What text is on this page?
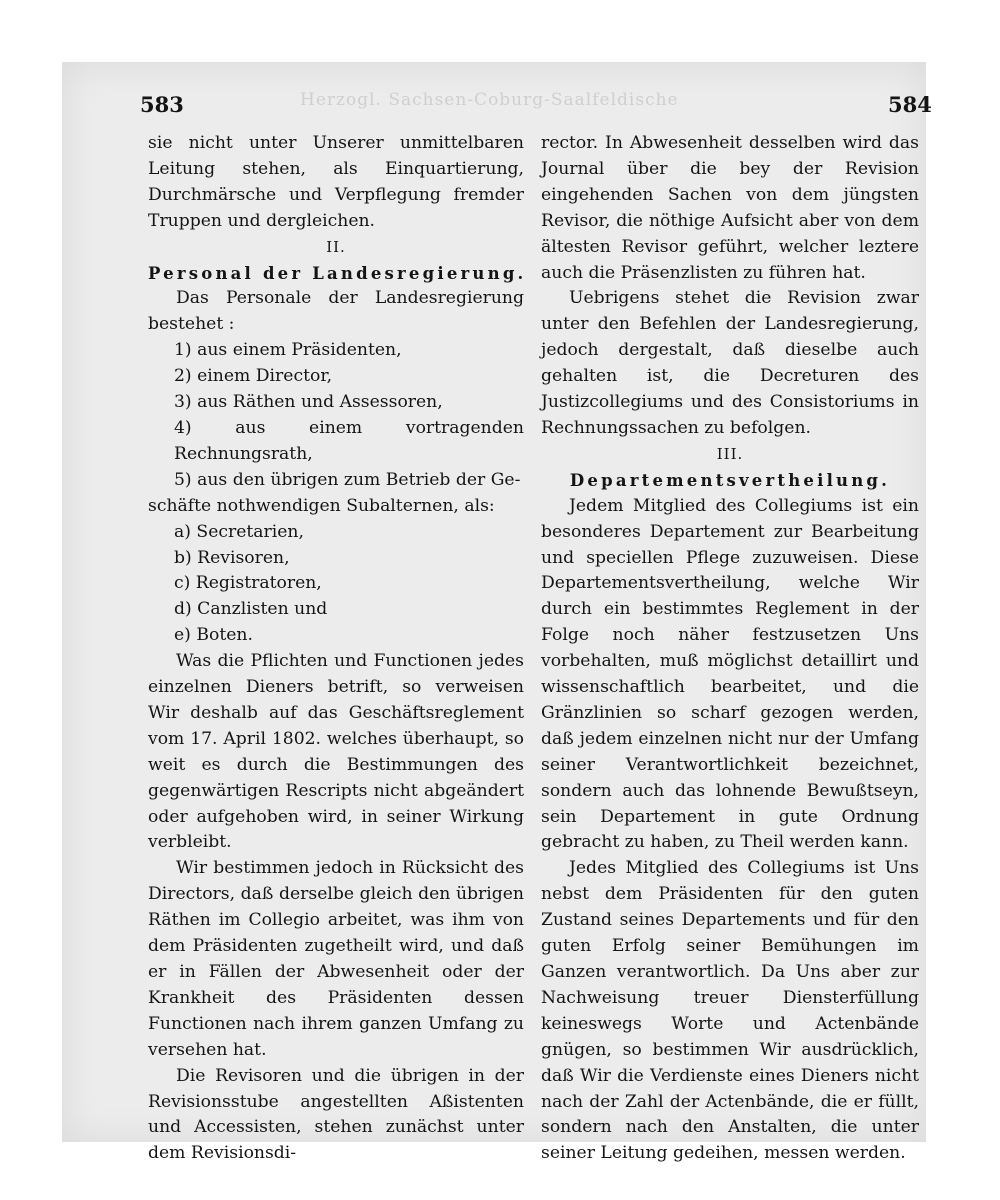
583	Herzogl. Sachsen-Coburg-Saalfeldische	584

sie nicht unter Unserer unmittelbaren Leitung stehen, als Einquartierung, Durchmärsche und Verpflegung fremder Truppen und dergleichen.

II.

Personal der Landesregierung.

Das Personale der Landesregierung bestehet :

1) aus einem Präsidenten,

2) einem Director,

3) aus Räthen und Assessoren,

4) aus einem vortragenden Rechnungsrath,

5) aus den übrigen zum Betrieb der Ge-

schäfte nothwendigen Subalternen, als:

a) Secretarien,

b) Revisoren,

c) Registratoren,

d) Canzlisten und

e) Boten.

Was die Pflichten und Functionen jedes einzelnen Dieners betrift, so verweisen Wir deshalb auf das Geschäftsreglement vom 17. April 1802. welches überhaupt, so weit es durch die Bestimmungen des gegenwärtigen Rescripts nicht abgeändert oder aufgehoben wird, in seiner Wirkung verbleibt.

Wir bestimmen jedoch in Rücksicht des Directors, daß derselbe gleich den übrigen Räthen im Collegio arbeitet, was ihm von dem Präsidenten zugetheilt wird, und daß er in Fällen der Abwesenheit oder der Krankheit des Präsidenten dessen Functionen nach ihrem ganzen Umfang zu versehen hat.

Die Revisoren und die übrigen in der Revisionsstube angestellten Aßistenten und Accessisten, stehen zunächst unter dem Revisionsdi-

rector. In Abwesenheit desselben wird das Journal über die bey der Revision eingehenden Sachen von dem jüngsten Revisor, die nöthige Aufsicht aber von dem ältesten Revisor geführt, welcher leztere auch die Präsenzlisten zu führen hat.

Uebrigens stehet die Revision zwar unter den Befehlen der Landesregierung, jedoch dergestalt, daß dieselbe auch gehalten ist, die Decreturen des Justizcollegiums und des Consistoriums in Rechnungssachen zu befolgen.

III.

Departementsvertheilung.

Jedem Mitglied des Collegiums ist ein besonderes Departement zur Bearbeitung und speciellen Pflege zuzuweisen. Diese Departementsvertheilung, welche Wir durch ein bestimmtes Reglement in der Folge noch näher festzusetzen Uns vorbehalten, muß möglichst detaillirt und wissenschaftlich bearbeitet, und die Gränzlinien so scharf gezogen werden, daß jedem einzelnen nicht nur der Umfang seiner Verantwortlichkeit bezeichnet, sondern auch das lohnende Bewußtseyn, sein Departement in gute Ordnung gebracht zu haben, zu Theil werden kann.

Jedes Mitglied des Collegiums ist Uns nebst dem Präsidenten für den guten Zustand seines Departements und für den guten Erfolg seiner Bemühungen im Ganzen verantwortlich. Da Uns aber zur Nachweisung treuer Diensterfüllung keineswegs Worte und Actenbände gnügen, so bestimmen Wir ausdrücklich, daß Wir die Verdienste eines Dieners nicht nach der Zahl der Actenbände, die er füllt, sondern nach den Anstalten, die unter seiner Leitung gedeihen, messen werden.
